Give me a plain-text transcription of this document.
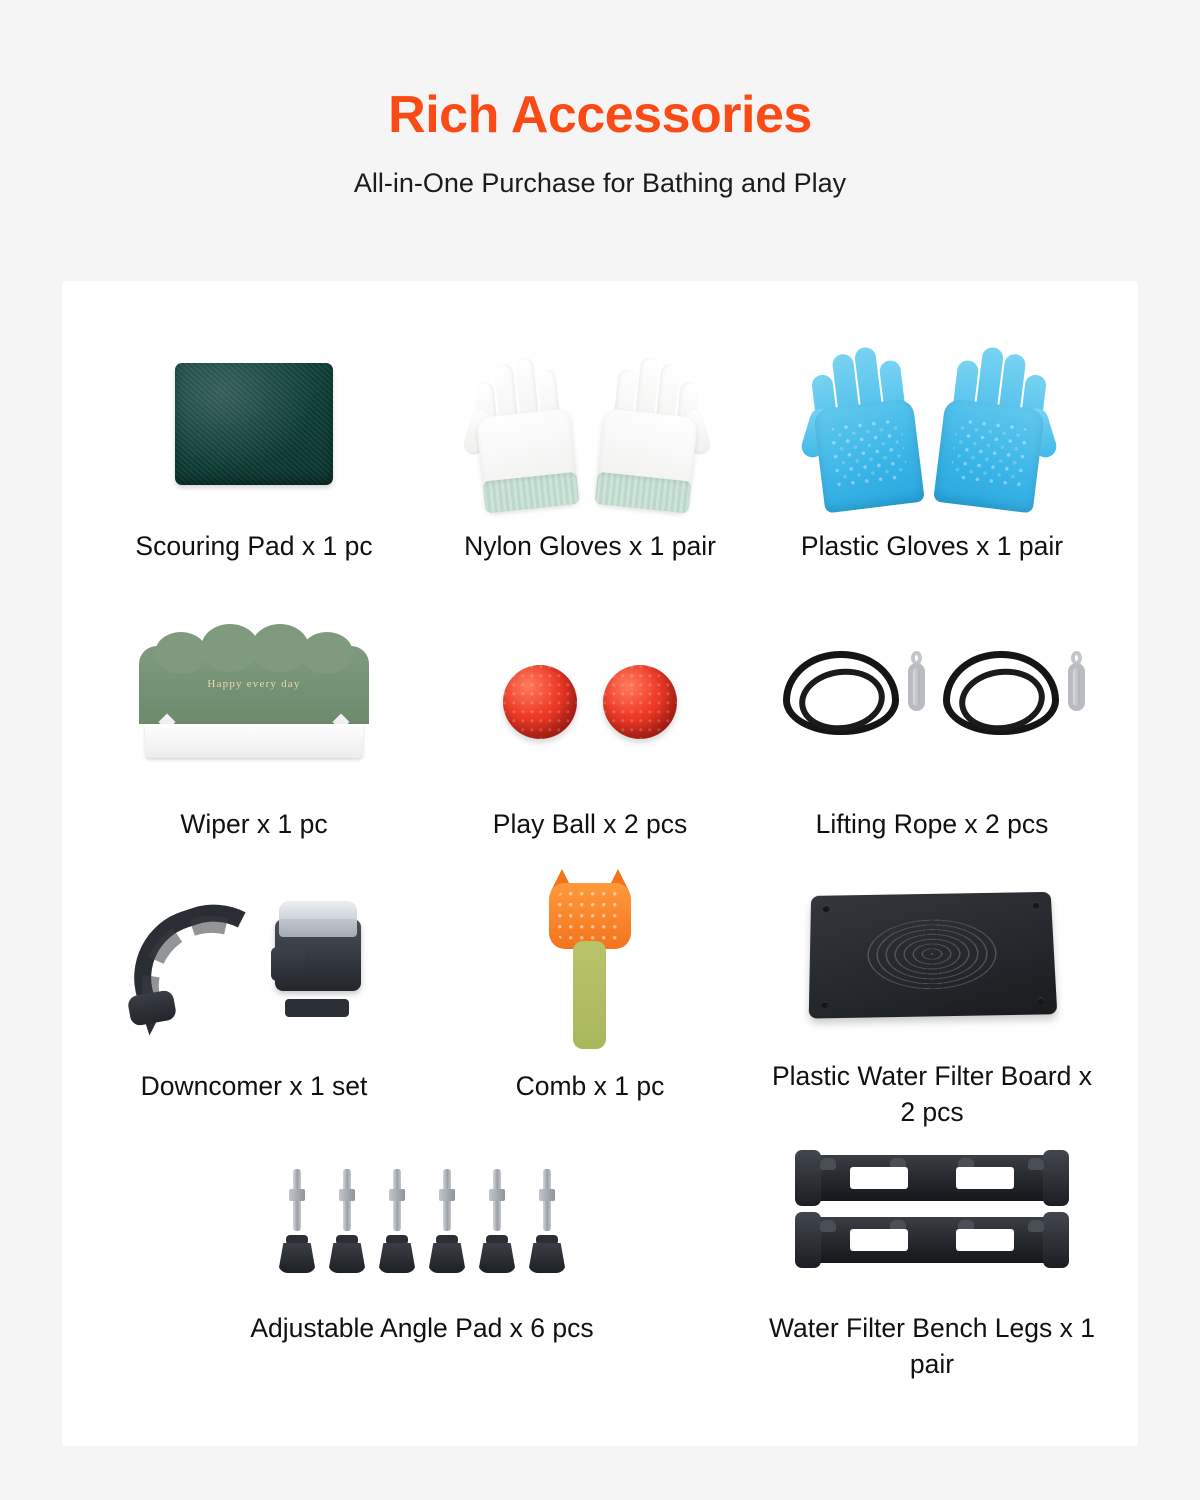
Rich Accessories

All-in-One Purchase for Bathing and Play

Scouring Pad x 1 pc	Nylon Gloves x 1 pair	Plastic Gloves x 1 pair
Happy every day
Wiper x 1 pc	Play Ball x 2 pcs	Lifting Rope x 2 pcs
Downcomer x 1 set	Comb x 1 pc	Plastic Water Filter Board x 2 pcs
Adjustable Angle Pad x 6 pcs	Water Filter Bench Legs x 1 pair
